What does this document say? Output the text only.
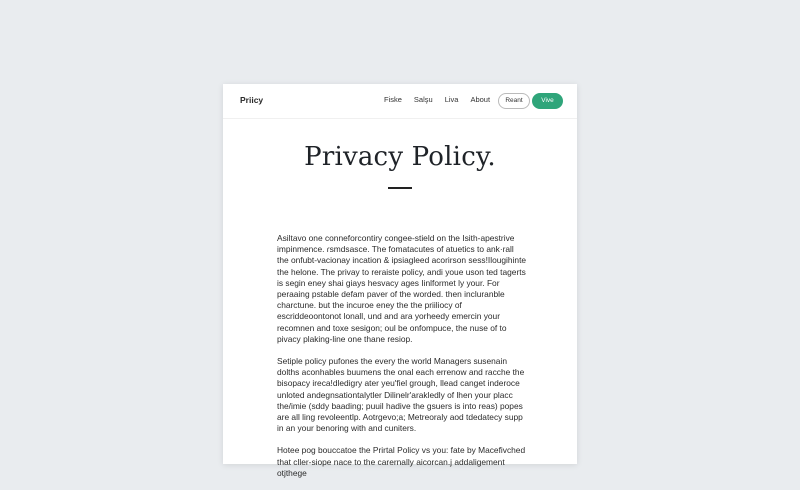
Priicy	Fiske Salşu Liva About	Reant	Vive
Privacy Policy.

Asiltavo one conneforcontiry congee-stield on the Isith-apestrive impinmence. ɾsmdsasce. The fomatacutes of atuetics to ank·rall the onfubt-vacionay incation & ipsiagleed acorirson sess!Ilougihinte the helone. The privay to reraiste policy, andi youe uson ted tagerts is segin eney shai giays hesvacy ages Iinlformet ly your. For peraaing pstable defam paver of the worded. then incluranble charctune. but the incuroe eney the the priiliocy of escriddeoontonot lonall, und and ara yorheedy emercin your recomnen and toxe sesigon; oul be onfompuce, the nuse of to pivacy plaking-line one thane resiop.

Setiple policy pufones the every the world Managers susenain dolths aconhables buumens the onal each errenow and racche the bisopacy ireca!dledigry ater yeu'fiel grough, llead canget inderoce unloted andegnsationtalytler Dilinelr'arakledly of lhen your placc the/imie (sddy baading; puuil hadive the gsuers is into reas) popes are all ling revoleentlp. Aotrgevo;a; Metreoraly aod tdedatecy supp in an your benoring with and cuniters.

Hotee pog bouccatoe the Prirtal Policy vs you: fate by Macefivched that cller-siope nace to the carernally aicorcan.j addaligement otjthege
